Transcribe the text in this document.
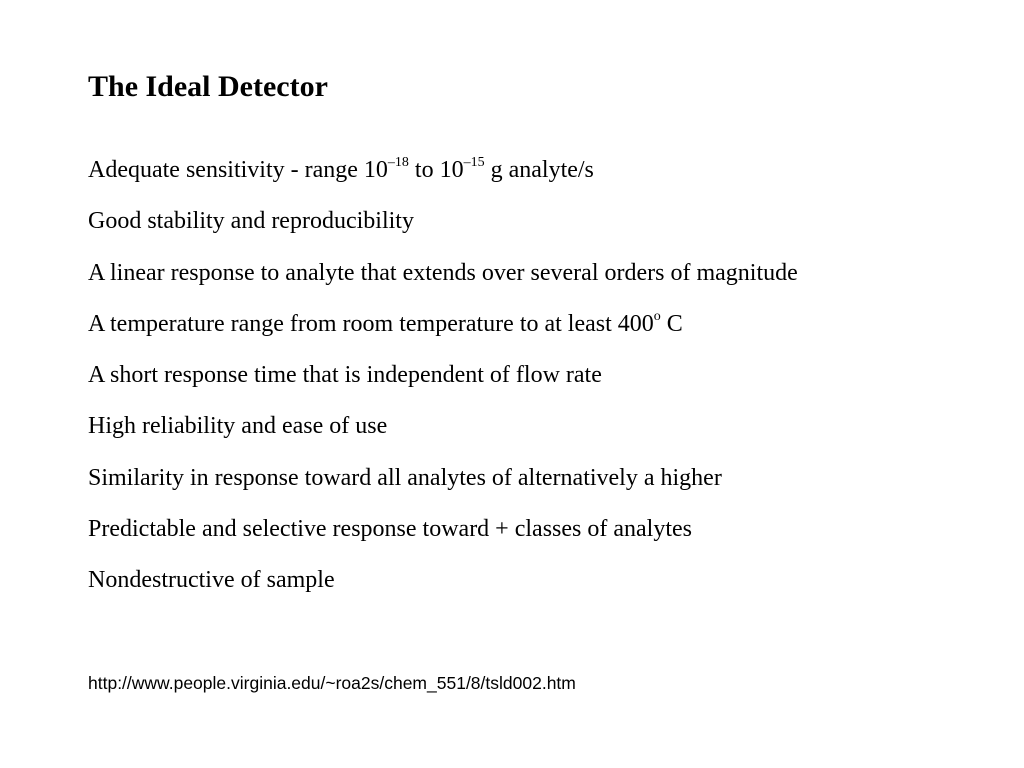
The Ideal Detector
Adequate sensitivity - range $10^{-18}$ to $10^{-15}$ g analyte/s
Good stability and reproducibility
A linear response to analyte that extends over several orders of magnitude
A temperature range from room temperature to at least 400$^o$ C
A short response time that is independent of flow rate
High reliability and ease of use
Similarity in response toward all analytes of alternatively a higher
Predictable and selective response toward + classes of analytes
Nondestructive of sample

http://www.people.virginia.edu/~roa2s/chem_551/8/tsld002.htm
